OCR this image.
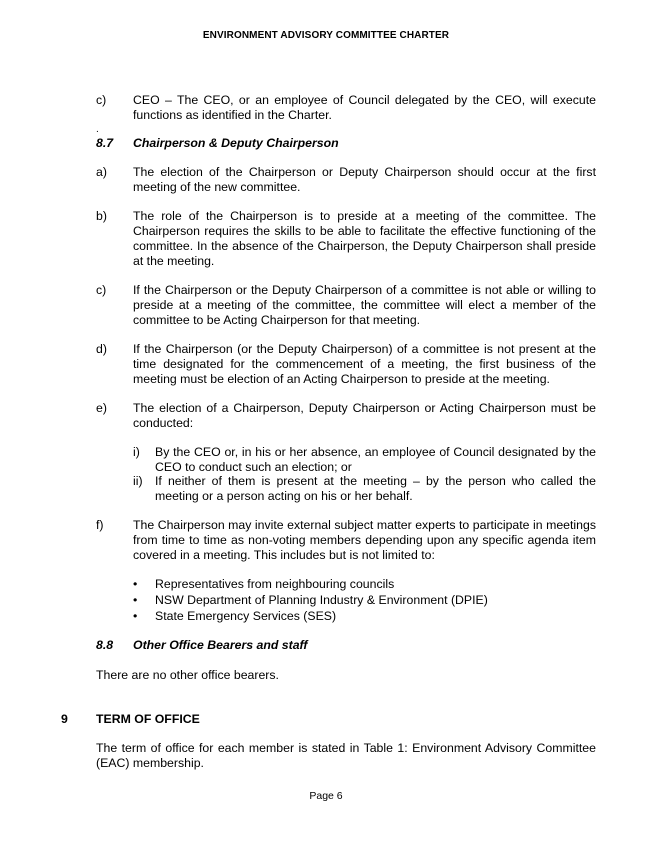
ENVIRONMENT ADVISORY COMMITTEE CHARTER
c) CEO – The CEO, or an employee of Council delegated by the CEO, will execute functions as identified in the Charter.
.
8.7 Chairperson & Deputy Chairperson
a) The election of the Chairperson or Deputy Chairperson should occur at the first meeting of the new committee.
b) The role of the Chairperson is to preside at a meeting of the committee. The Chairperson requires the skills to be able to facilitate the effective functioning of the committee. In the absence of the Chairperson, the Deputy Chairperson shall preside at the meeting.
c) If the Chairperson or the Deputy Chairperson of a committee is not able or willing to preside at a meeting of the committee, the committee will elect a member of the committee to be Acting Chairperson for that meeting.
d) If the Chairperson (or the Deputy Chairperson) of a committee is not present at the time designated for the commencement of a meeting, the first business of the meeting must be election of an Acting Chairperson to preside at the meeting.
e) The election of a Chairperson, Deputy Chairperson or Acting Chairperson must be conducted:
i) By the CEO or, in his or her absence, an employee of Council designated by the CEO to conduct such an election; or
ii) If neither of them is present at the meeting – by the person who called the meeting or a person acting on his or her behalf.
f) The Chairperson may invite external subject matter experts to participate in meetings from time to time as non-voting members depending upon any specific agenda item covered in a meeting. This includes but is not limited to:
• Representatives from neighbouring councils
• NSW Department of Planning Industry & Environment (DPIE)
• State Emergency Services (SES)
8.8 Other Office Bearers and staff
There are no other office bearers.
9 TERM OF OFFICE
The term of office for each member is stated in Table 1: Environment Advisory Committee (EAC) membership.
Page 6
